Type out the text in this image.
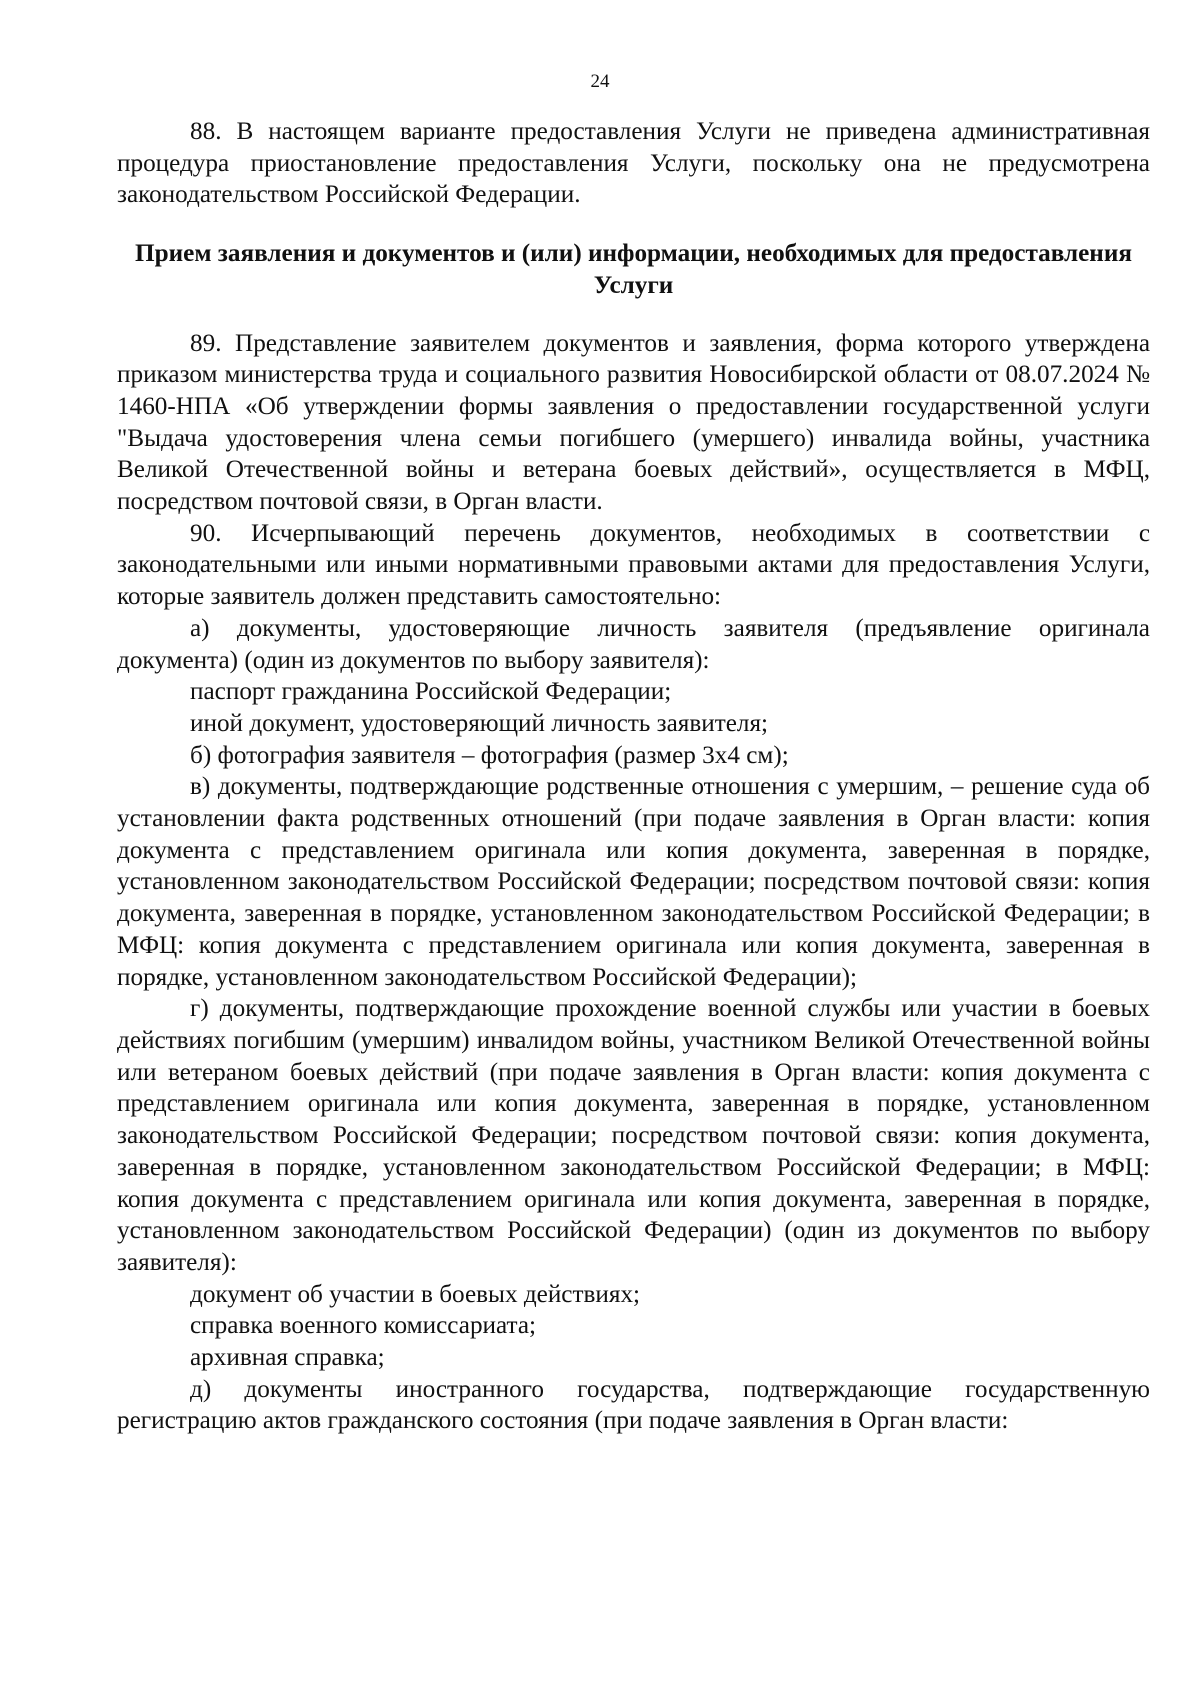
24

88. В настоящем варианте предоставления Услуги не приведена административная процедура приостановление предоставления Услуги, поскольку она не предусмотрена законодательством Российской Федерации.

Прием заявления и документов и (или) информации, необходимых для предоставления Услуги

89. Представление заявителем документов и заявления, форма которого утверждена приказом министерства труда и социального развития Новосибирской области от 08.07.2024 № 1460-НПА «Об утверждении формы заявления о предоставлении государственной услуги "Выдача удостоверения члена семьи погибшего (умершего) инвалида войны, участника Великой Отечественной войны и ветерана боевых действий», осуществляется в МФЦ, посредством почтовой связи, в Орган власти.

90. Исчерпывающий перечень документов, необходимых в соответствии с законодательными или иными нормативными правовыми актами для предоставления Услуги, которые заявитель должен представить самостоятельно:

а) документы, удостоверяющие личность заявителя (предъявление оригинала документа) (один из документов по выбору заявителя):

паспорт гражданина Российской Федерации;

иной документ, удостоверяющий личность заявителя;

б) фотография заявителя – фотография (размер 3х4 см);

в) документы, подтверждающие родственные отношения с умершим, – решение суда об установлении факта родственных отношений (при подаче заявления в Орган власти: копия документа с представлением оригинала или копия документа, заверенная в порядке, установленном законодательством Российской Федерации; посредством почтовой связи: копия документа, заверенная в порядке, установленном законодательством Российской Федерации; в МФЦ: копия документа с представлением оригинала или копия документа, заверенная в порядке, установленном законодательством Российской Федерации);

г) документы, подтверждающие прохождение военной службы или участии в боевых действиях погибшим (умершим) инвалидом войны, участником Великой Отечественной войны или ветераном боевых действий (при подаче заявления в Орган власти: копия документа с представлением оригинала или копия документа, заверенная в порядке, установленном законодательством Российской Федерации; посредством почтовой связи: копия документа, заверенная в порядке, установленном законодательством Российской Федерации; в МФЦ: копия документа с представлением оригинала или копия документа, заверенная в порядке, установленном законодательством Российской Федерации) (один из документов по выбору заявителя):

документ об участии в боевых действиях;

справка военного комиссариата;

архивная справка;

д) документы иностранного государства, подтверждающие государственную регистрацию актов гражданского состояния (при подаче заявления в Орган власти:
